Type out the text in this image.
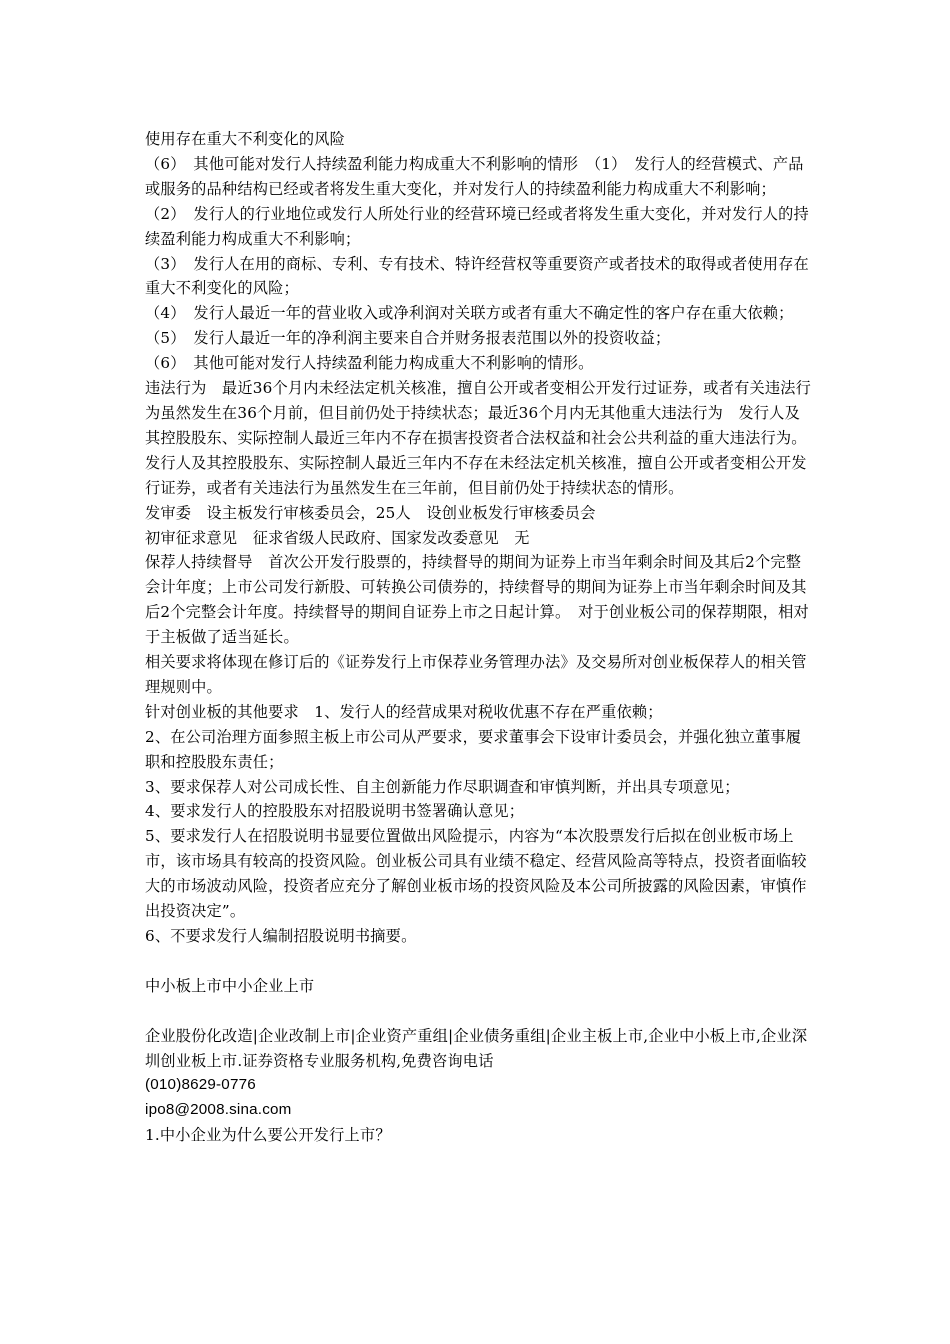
使用存在重大不利变化的风险

（6）　其他可能对发行人持续盈利能力构成重大不利影响的情形　（1）　发行人的经营模式、产品或服务的品种结构已经或者将发生重大变化，并对发行人的持续盈利能力构成重大不利影响；

（2）　发行人的行业地位或发行人所处行业的经营环境已经或者将发生重大变化，并对发行人的持续盈利能力构成重大不利影响；

（3）　发行人在用的商标、专利、专有技术、特许经营权等重要资产或者技术的取得或者使用存在重大不利变化的风险；

（4）　发行人最近一年的营业收入或净利润对关联方或者有重大不确定性的客户存在重大依赖；

（5）　发行人最近一年的净利润主要来自合并财务报表范围以外的投资收益；

（6）　其他可能对发行人持续盈利能力构成重大不利影响的情形。

违法行为　最近36个月内未经法定机关核准，擅自公开或者变相公开发行过证券，或者有关违法行为虽然发生在36个月前，但目前仍处于持续状态；最近36个月内无其他重大违法行为　发行人及其控股股东、实际控制人最近三年内不存在损害投资者合法权益和社会公共利益的重大违法行为。发行人及其控股股东、实际控制人最近三年内不存在未经法定机关核准，擅自公开或者变相公开发行证券，或者有关违法行为虽然发生在三年前，但目前仍处于持续状态的情形。

发审委　设主板发行审核委员会，25人　设创业板发行审核委员会

初审征求意见　征求省级人民政府、国家发改委意见　无

保荐人持续督导　首次公开发行股票的，持续督导的期间为证券上市当年剩余时间及其后2个完整会计年度；上市公司发行新股、可转换公司债券的，持续督导的期间为证券上市当年剩余时间及其后2个完整会计年度。持续督导的期间自证券上市之日起计算。　对于创业板公司的保荐期限，相对于主板做了适当延长。

相关要求将体现在修订后的《证券发行上市保荐业务管理办法》及交易所对创业板保荐人的相关管理规则中。

针对创业板的其他要求　1、发行人的经营成果对税收优惠不存在严重依赖；

2、在公司治理方面参照主板上市公司从严要求，要求董事会下设审计委员会，并强化独立董事履职和控股股东责任；

3、要求保荐人对公司成长性、自主创新能力作尽职调查和审慎判断，并出具专项意见；

4、要求发行人的控股股东对招股说明书签署确认意见；

5、要求发行人在招股说明书显要位置做出风险提示，内容为“本次股票发行后拟在创业板市场上市，该市场具有较高的投资风险。创业板公司具有业绩不稳定、经营风险高等特点，投资者面临较大的市场波动风险，投资者应充分了解创业板市场的投资风险及本公司所披露的风险因素，审慎作出投资决定”。

6、不要求发行人编制招股说明书摘要。

中小板上市中小企业上市

企业股份化改造|企业改制上市|企业资产重组|企业债务重组|企业主板上市,企业中小板上市,企业深圳创业板上市.证券资格专业服务机构,免费咨询电话

(010)8629-0776

ipo8@2008.sina.com

1.中小企业为什么要公开发行上市？
